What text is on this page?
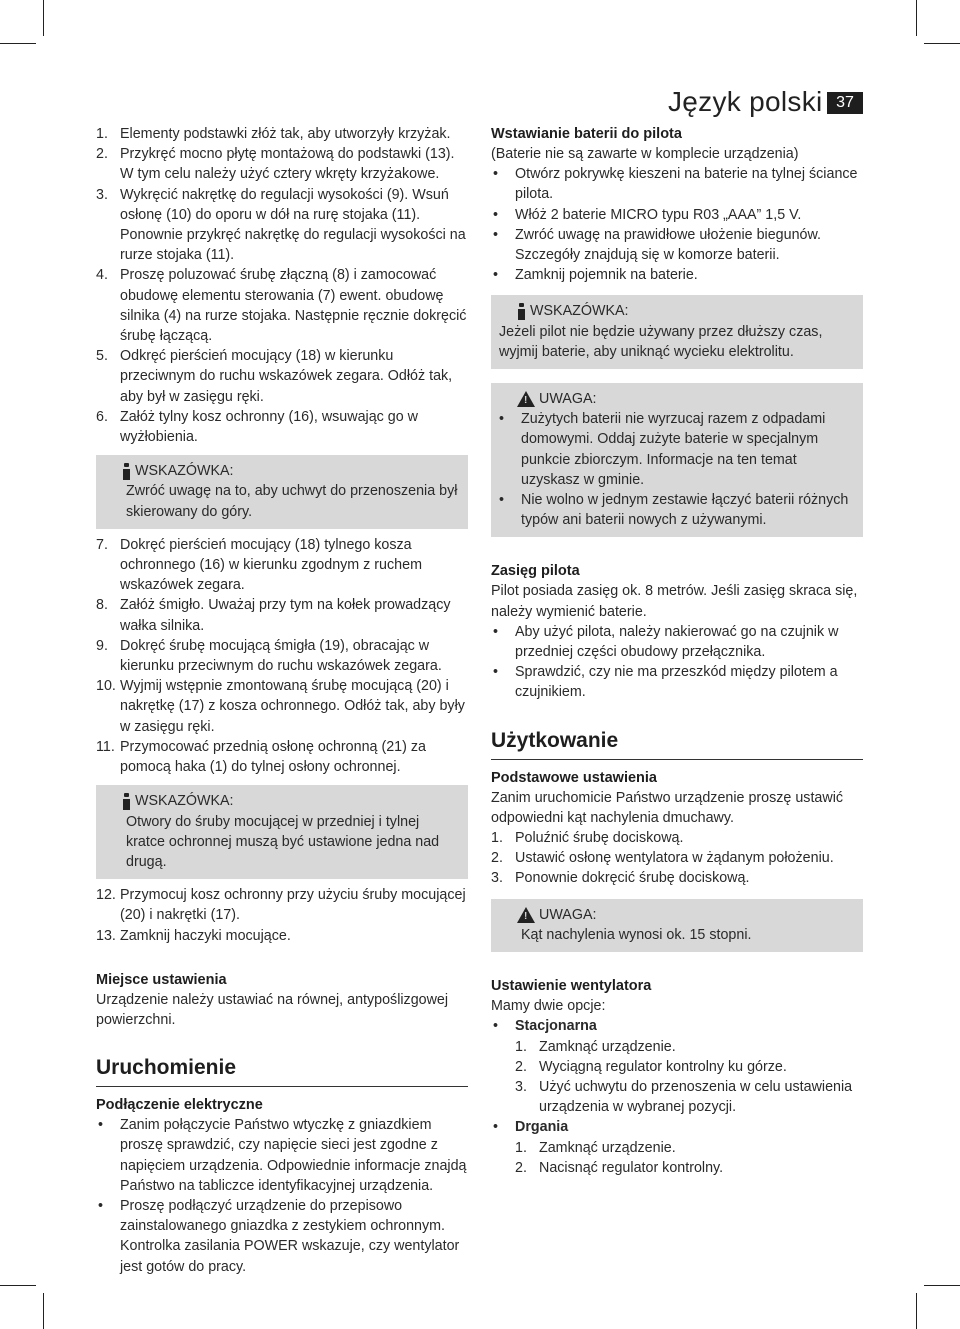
Język polski 37
1. Elementy podstawki złóż tak, aby utworzyły krzyżak.
2. Przykręć mocno płytę montażową do podstawki (13). W tym celu należy użyć cztery wkręty krzyżakowe.
3. Wykręcić nakrętkę do regulacji wysokości (9). Wsuń osłonę (10) do oporu w dół na rurę stojaka (11). Ponownie przykręć nakrętkę do regulacji wysokości na rurze stojaka (11).
4. Proszę poluzować śrubę złączną (8) i zamocować obudowę elementu sterowania (7) ewent. obudowę silnika (4) na rurze stojaka. Następnie ręcznie dokręcić śrubę łączącą.
5. Odkręć pierścień mocujący (18) w kierunku przeciwnym do ruchu wskazówek zegara. Odłóż tak, aby był w zasięgu ręki.
6. Załóż tylny kosz ochronny (16), wsuwając go w wyżłobienia.
WSKAZÓWKA:

Zwróć uwagę na to, aby uchwyt do przenoszenia był skierowany do góry.

7. Dokręć pierścień mocujący (18) tylnego kosza ochronnego (16) w kierunku zgodnym z ruchem wskazówek zegara.
8. Załóż śmigło. Uważaj przy tym na kołek prowadzący wałka silnika.
9. Dokręć śrubę mocującą śmigła (19), obracając w kierunku przeciwnym do ruchu wskazówek zegara.
10. Wyjmij wstępnie zmontowaną śrubę mocującą (20) i nakrętkę (17) z kosza ochronnego. Odłóż tak, aby były w zasięgu ręki.
11. Przymocować przednią osłonę ochronną (21) za pomocą haka (1) do tylnej osłony ochronnej.
WSKAZÓWKA:

Otwory do śruby mocującej w przedniej i tylnej kratce ochronnej muszą być ustawione jedna nad drugą.

12. Przymocuj kosz ochronny przy użyciu śruby mocującej (20) i nakrętki (17).
13. Zamknij haczyki mocujące.
Miejsce ustawienia

Urządzenie należy ustawiać na równej, antypoślizgowej powierzchni.

Uruchomienie
Podłączenie elektryczne
• Zanim połączycie Państwo wtyczkę z gniazdkiem proszę sprawdzić, czy napięcie sieci jest zgodne z napięciem urządzenia. Odpowiednie informacje znajdą Państwo na tabliczce identyfikacyjnej urządzenia.
• Proszę podłączyć urządzenie do przepisowo zainstalowanego gniazdka z zestykiem ochronnym. Kontrolka zasilania POWER wskazuje, czy wentylator jest gotów do pracy.
Wstawianie baterii do pilota

(Baterie nie są zawarte w komplecie urządzenia)

• Otwórz pokrywkę kieszeni na baterie na tylnej ściance pilota.
• Włóż 2 baterie MICRO typu R03 „AAA” 1,5 V.
• Zwróć uwagę na prawidłowe ułożenie biegunów. Szczegóły znajdują się w komorze baterii.
• Zamknij pojemnik na baterie.
WSKAZÓWKA:

Jeżeli pilot nie będzie używany przez dłuższy czas, wyjmij baterie, aby uniknąć wycieku elektrolitu.

! UWAGA:
• Zużytych baterii nie wyrzucaj razem z odpadami domowymi. Oddaj zużyte baterie w specjalnym punkcie zbiorczym. Informacje na ten temat uzyskasz w gminie.
• Nie wolno w jednym zestawie łączyć baterii różnych typów ani baterii nowych z używanymi.
Zasięg pilota

Pilot posiada zasięg ok. 8 metrów. Jeśli zasięg skraca się, należy wymienić baterie.

• Aby użyć pilota, należy nakierować go na czujnik w przedniej części obudowy przełącznika.
• Sprawdzić, czy nie ma przeszkód między pilotem a czujnikiem.
Użytkowanie
Podstawowe ustawienia

Zanim uruchomicie Państwo urządzenie proszę ustawić odpowiedni kąt nachylenia dmuchawy.

1. Poluźnić śrubę dociskową.
2. Ustawić osłonę wentylatora w żądanym położeniu.
3. Ponownie dokręcić śrubę dociskową.
! UWAGA:

Kąt nachylenia wynosi ok. 15 stopni.

Ustawienie wentylatora

Mamy dwie opcje:

• Stacjonarna
1. Zamknąć urządzenie.
2. Wyciągną regulator kontrolny ku górze.
3. Użyć uchwytu do przenoszenia w celu ustawienia urządzenia w wybranej pozycji.
• Drgania
1. Zamknąć urządzenie.
2. Nacisnąć regulator kontrolny.
